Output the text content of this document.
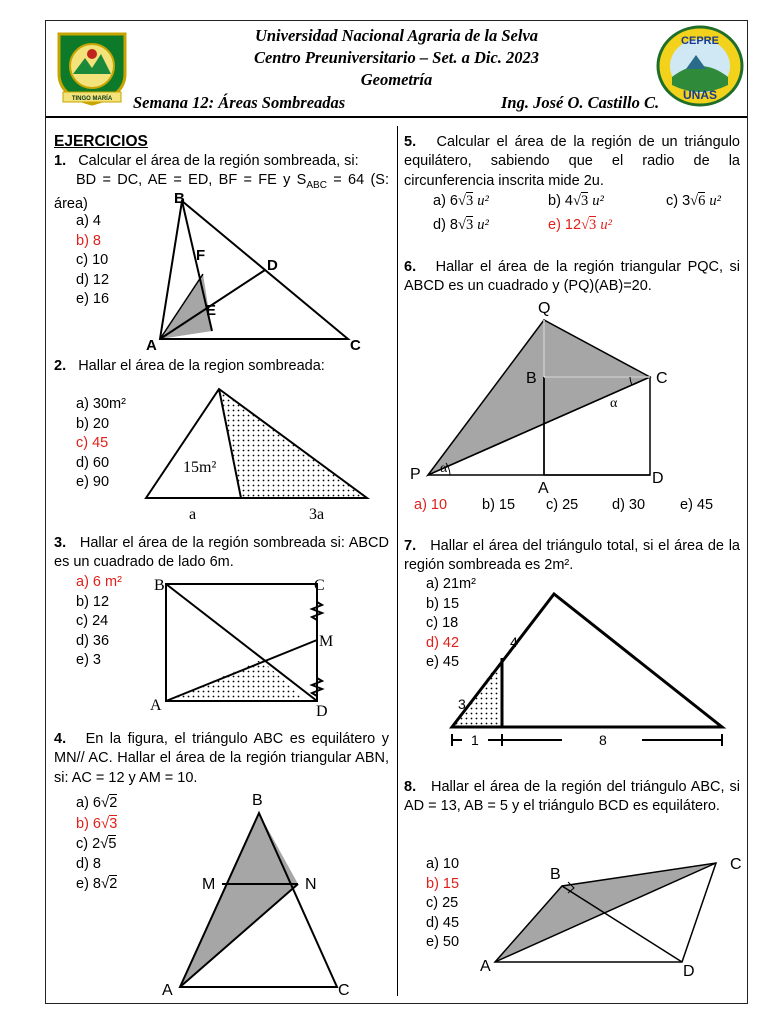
TINGO MARÍA
Universidad Nacional Agraria de la Selva
Centro Preuniversitario – Set. a Dic. 2023
Geometría
CEPRE
UNAS
Semana 12: Áreas Sombreadas	Ing. José O. Castillo C.
EJERCICIOS
1. Calcular el área de la región sombreada, si:
BD = DC, AE = ED, BF = FE y $S_{ABC} = 64$ (S: área)
a) 4
b) 8
c) 10
d) 12
e) 16
B
A	C
D
E
F
2. Hallar el área de la region sombreada:
a) 30m²
b) 20
c) 45
d) 60
e) 90
15m²
a	3a
3. Hallar el área de la región sombreada si: ABCD es un cuadrado de lado 6m.
a) 6 m²
b) 12
c) 24
d) 36
e) 3
B	C
A	D
M
4. En la figura, el triángulo ABC es equilátero y MN// AC. Hallar el área de la región triangular ABN, si: AC = 12 y AM = 10.
a) 6√2
b) 6√3
c) 2√5
d) 8
e) 8√2
B
M	N
A	C
5. Calcular el área de la región de un triángulo equilátero, sabiendo que el radio de la circunferencia inscrita mide 2u.
a) 6√3 u²	b) 4√3 u²	c) 3√6 u²
d) 8√3 u²	e) 12√3 u²
6. Hallar el área de la región triangular PQC, si ABCD es un cuadrado y (PQ)(AB)=20.
Q
B	C
P
A
D
α
α
a) 10 b) 15 c) 25 d) 30 e) 45
7. Hallar el área del triángulo total, si el área de la región sombreada es 2m².
a) 21m²
b) 15
c) 18
d) 42
e) 45
4
3
1	8
8. Hallar el área de la región del triángulo ABC, si AD = 13, AB = 5 y el triángulo BCD es equilátero.
a) 10
b) 15
c) 25
d) 45
e) 50
B
A
C
D
